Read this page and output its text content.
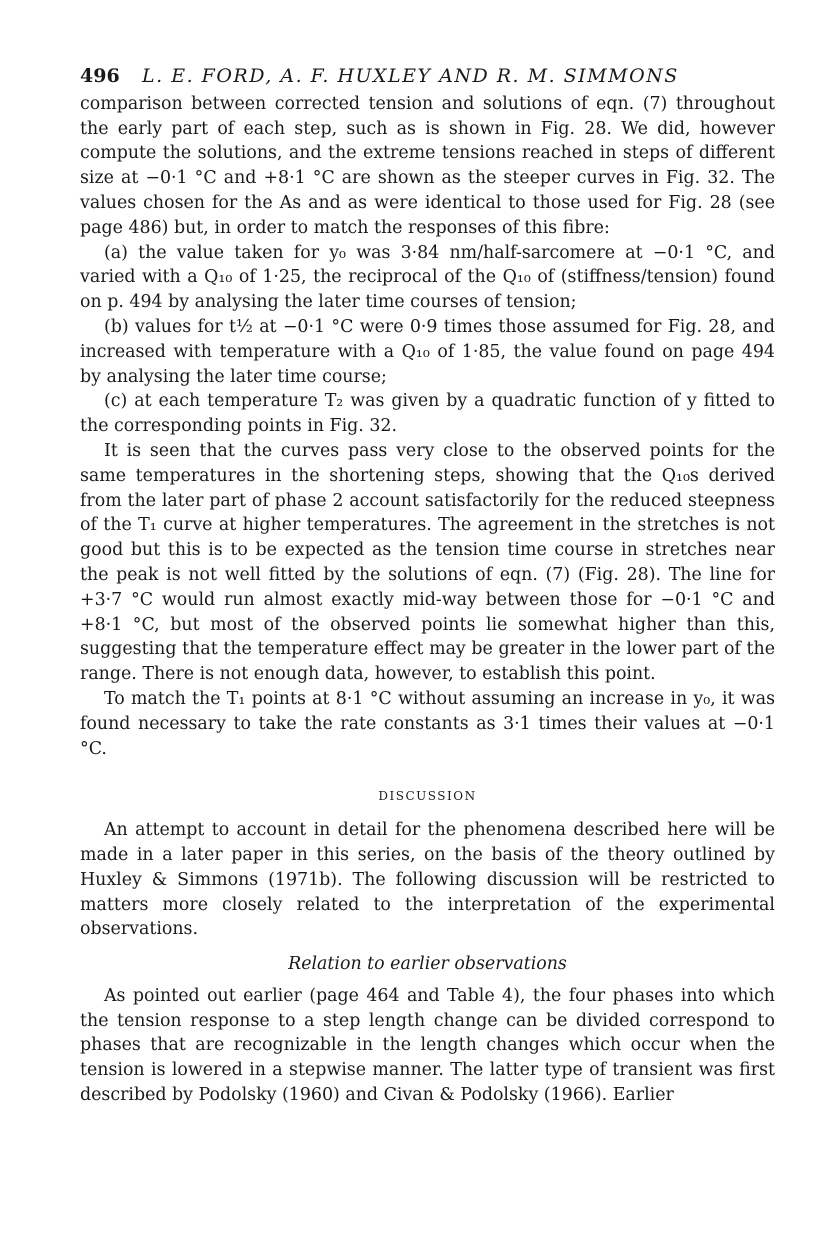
496	L. E. FORD, A. F. HUXLEY AND R. M. SIMMONS

comparison between corrected tension and solutions of eqn. (7) throughout the early part of each step, such as is shown in Fig. 28. We did, however compute the solutions, and the extreme tensions reached in steps of different size at −0·1 °C and +8·1 °C are shown as the steeper curves in Fig. 32. The values chosen for the As and as were identical to those used for Fig. 28 (see page 486) but, in order to match the responses of this fibre:

(a) the value taken for y₀ was 3·84 nm/half-sarcomere at −0·1 °C, and varied with a Q₁₀ of 1·25, the reciprocal of the Q₁₀ of (stiffness/tension) found on p. 494 by analysing the later time courses of tension;

(b) values for t½ at −0·1 °C were 0·9 times those assumed for Fig. 28, and increased with temperature with a Q₁₀ of 1·85, the value found on page 494 by analysing the later time course;

(c) at each temperature T₂ was given by a quadratic function of y fitted to the corresponding points in Fig. 32.

It is seen that the curves pass very close to the observed points for the same temperatures in the shortening steps, showing that the Q₁₀s derived from the later part of phase 2 account satisfactorily for the reduced steepness of the T₁ curve at higher temperatures. The agreement in the stretches is not good but this is to be expected as the tension time course in stretches near the peak is not well fitted by the solutions of eqn. (7) (Fig. 28). The line for +3·7 °C would run almost exactly mid-way between those for −0·1 °C and +8·1 °C, but most of the observed points lie somewhat higher than this, suggesting that the temperature effect may be greater in the lower part of the range. There is not enough data, however, to establish this point.

To match the T₁ points at 8·1 °C without assuming an increase in y₀, it was found necessary to take the rate constants as 3·1 times their values at −0·1 °C.

DISCUSSION

An attempt to account in detail for the phenomena described here will be made in a later paper in this series, on the basis of the theory outlined by Huxley & Simmons (1971b). The following discussion will be restricted to matters more closely related to the interpretation of the experimental observations.

Relation to earlier observations

As pointed out earlier (page 464 and Table 4), the four phases into which the tension response to a step length change can be divided correspond to phases that are recognizable in the length changes which occur when the tension is lowered in a stepwise manner. The latter type of transient was first described by Podolsky (1960) and Civan & Podolsky (1966). Earlier
